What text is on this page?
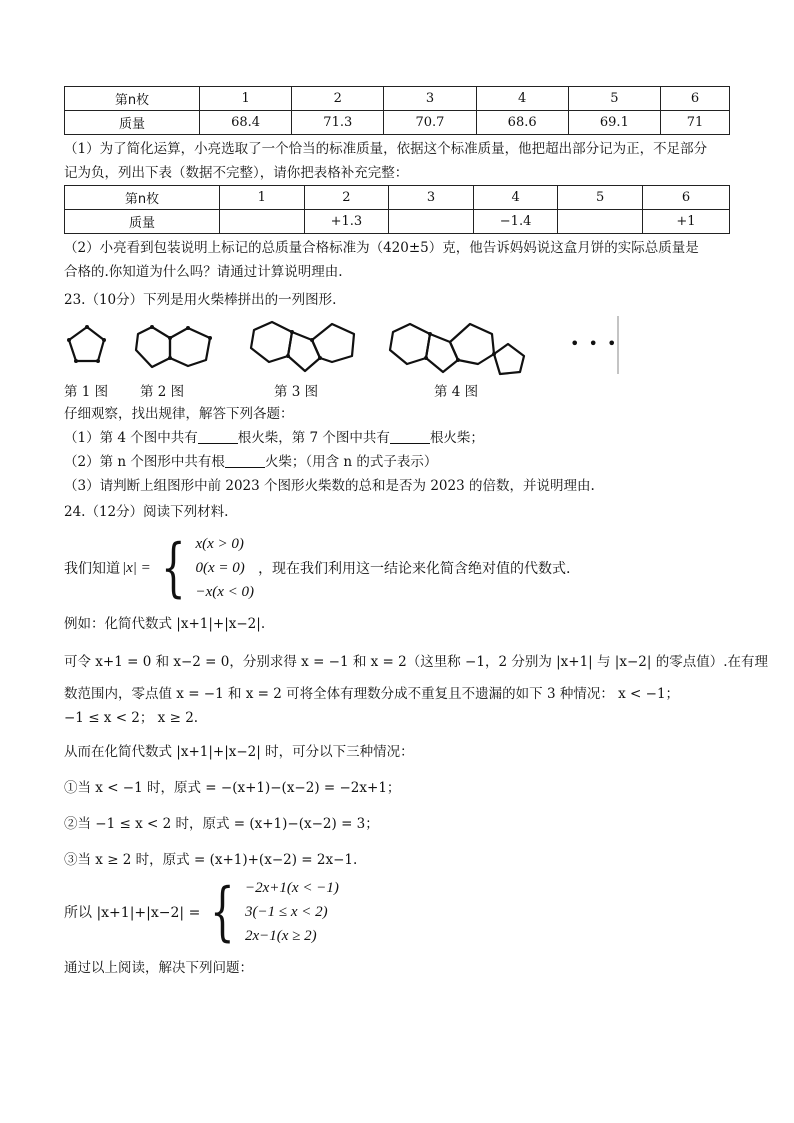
第n枚	1	2	3	4	5	6
质量	68.4	71.3	70.7	68.6	69.1	71
（1）为了简化运算，小亮选取了一个恰当的标准质量，依据这个标准质量，他把超出部分记为正，不足部分
记为负，列出下表（数据不完整），请你把表格补充完整：
第n枚	1	2	3	4	5	6
质量		+1.3		−1.4		+1
（2）小亮看到包装说明上标记的总质量合格标准为（420±5）克，他告诉妈妈说这盒月饼的实际总质量是
合格的.你知道为什么吗？请通过计算说明理由.
23.（10分）下列是用火柴棒拼出的一列图形.
• • •
第 1 图 第 2 图	第 3 图	第 4 图
仔细观察，找出规律，解答下列各题：
（1）第 4 个图中共有	根火柴，第 7 个图中共有	根火柴；
（2）第 n 个图形中共有根	火柴；（用含 n 的式子表示）
（3）请判断上组图形中前 2023 个图形火柴数的总和是否为 2023 的倍数，并说明理由.
24.（12分）阅读下列材料.
我们知道 |x| = { x(x > 0)
0(x = 0)
−x(x < 0)
，现在我们利用这一结论来化简含绝对值的代数式.
例如：化简代数式 |x+1|+|x−2|.
可令 x+1 = 0 和 x−2 = 0，分别求得 x = −1 和 x = 2（这里称 −1，2 分别为 |x+1| 与 |x−2| 的零点值）.在有理
数范围内，零点值 x = −1 和 x = 2 可将全体有理数分成不重复且不遗漏的如下 3 种情况： x < −1；
−1 ≤ x < 2； x ≥ 2.
从而在化简代数式 |x+1|+|x−2| 时，可分以下三种情况：
①当 x < −1 时，原式 = −(x+1)−(x−2) = −2x+1；
②当 −1 ≤ x < 2 时，原式 = (x+1)−(x−2) = 3；
③当 x ≥ 2 时，原式 = (x+1)+(x−2) = 2x−1.
所以 |x+1|+|x−2| = { −2x+1(x < −1)
3(−1 ≤ x < 2)
2x−1(x ≥ 2)
通过以上阅读，解决下列问题：
